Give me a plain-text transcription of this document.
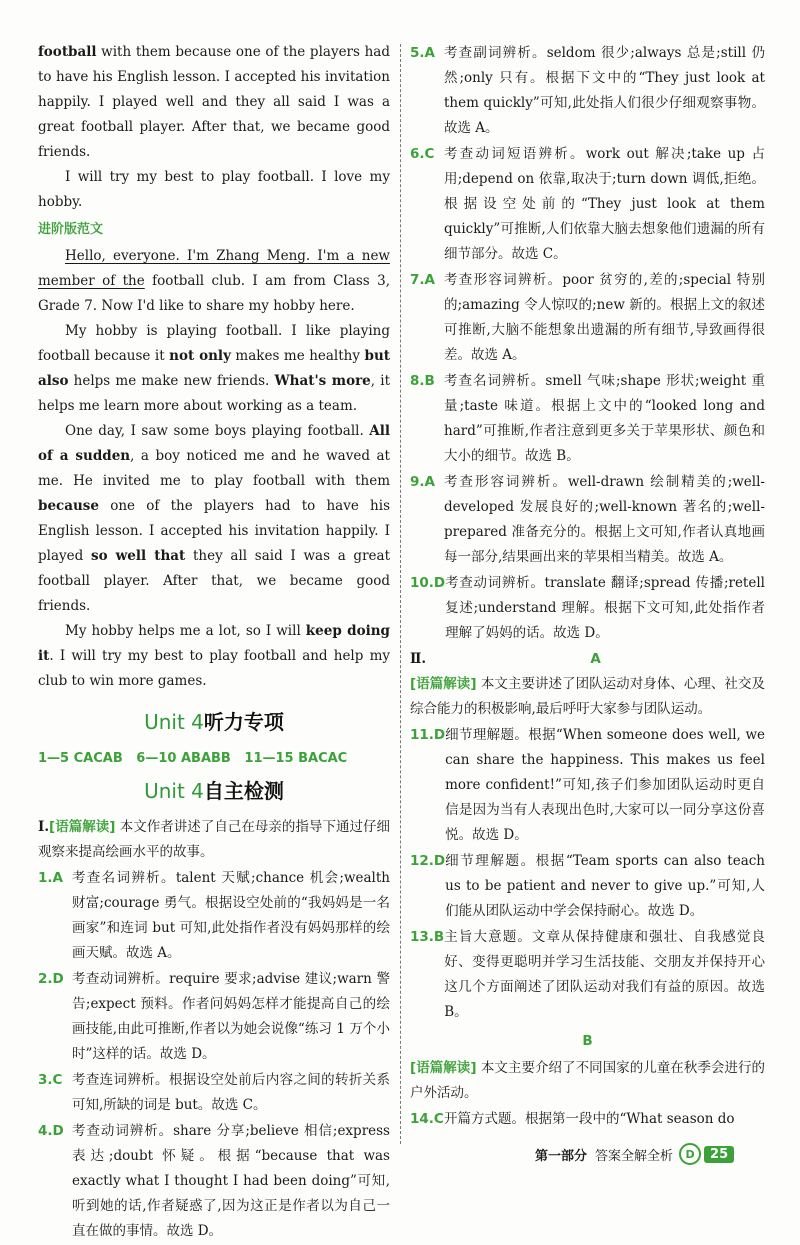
football with them because one of the players had to have his English lesson. I accepted his invitation happily. I played well and they all said I was a great football player. After that, we became good friends.

I will try my best to play football. I love my hobby.

进阶版范文

Hello, everyone. I'm Zhang Meng. I'm a new member of the football club. I am from Class 3, Grade 7. Now I'd like to share my hobby here.

My hobby is playing football. I like playing football because it not only makes me healthy but also helps me make new friends. What's more, it helps me learn more about working as a team.

One day, I saw some boys playing football. All of a sudden, a boy noticed me and he waved at me. He invited me to play football with them because one of the players had to have his English lesson. I accepted his invitation happily. I played so well that they all said I was a great football player. After that, we became good friends.

My hobby helps me a lot, so I will keep doing it. I will try my best to play football and help my club to win more games.

Unit 4听力专项

1—5 CACAB   6—10 ABABB   11—15 BACAC

Unit 4自主检测

Ⅰ.[语篇解读] 本文作者讲述了自己在母亲的指导下通过仔细观察来提高绘画水平的故事。

1.A 考查名词辨析。talent 天赋;chance 机会;wealth 财富;courage 勇气。根据设空处前的“我妈妈是一名画家”和连词 but 可知,此处指作者没有妈妈那样的绘画天赋。故选 A。
2.D 考查动词辨析。require 要求;advise 建议;warn 警告;expect 预料。作者问妈妈怎样才能提高自己的绘画技能,由此可推断,作者以为她会说像“练习 1 万个小时”这样的话。故选 D。
3.C 考查连词辨析。根据设空处前后内容之间的转折关系可知,所缺的词是 but。故选 C。
4.D 考查动词辨析。share 分享;believe 相信;express 表达;doubt 怀疑。根据“because that was exactly what I thought I had been doing”可知,听到她的话,作者疑惑了,因为这正是作者以为自己一直在做的事情。故选 D。
5.A 考查副词辨析。seldom 很少;always 总是;still 仍然;only 只有。根据下文中的“They just look at them quickly”可知,此处指人们很少仔细观察事物。故选 A。
6.C 考查动词短语辨析。work out 解决;take up 占用;depend on 依靠,取决于;turn down 调低,拒绝。根据设空处前的“They just look at them quickly”可推断,人们依靠大脑去想象他们遗漏的所有细节部分。故选 C。
7.A 考查形容词辨析。poor 贫穷的,差的;special 特别的;amazing 令人惊叹的;new 新的。根据上文的叙述可推断,大脑不能想象出遗漏的所有细节,导致画得很差。故选 A。
8.B 考查名词辨析。smell 气味;shape 形状;weight 重量;taste 味道。根据上文中的“looked long and hard”可推断,作者注意到更多关于苹果形状、颜色和大小的细节。故选 B。
9.A 考查形容词辨析。well-drawn 绘制精美的;well-developed 发展良好的;well-known 著名的;well-prepared 准备充分的。根据上文可知,作者认真地画每一部分,结果画出来的苹果相当精美。故选 A。
10.D 考查动词辨析。translate 翻译;spread 传播;retell 复述;understand 理解。根据下文可知,此处指作者理解了妈妈的话。故选 D。
Ⅱ.	A

[语篇解读] 本文主要讲述了团队运动对身体、心理、社交及综合能力的积极影响,最后呼吁大家参与团队运动。

11.D 细节理解题。根据“When someone does well, we can share the happiness. This makes us feel more confident!”可知,孩子们参加团队运动时更自信是因为当有人表现出色时,大家可以一同分享这份喜悦。故选 D。
12.D 细节理解题。根据“Team sports can also teach us to be patient and never to give up.”可知,人们能从团队运动中学会保持耐心。故选 D。
13.B 主旨大意题。文章从保持健康和强壮、自我感觉良好、变得更聪明并学习生活技能、交朋友并保持开心这几个方面阐述了团队运动对我们有益的原因。故选 B。

B

[语篇解读] 本文主要介绍了不同国家的儿童在秋季会进行的户外活动。

14.C 开篇方式题。根据第一段中的“What season do
第一部分 答案全解全析	D	25
